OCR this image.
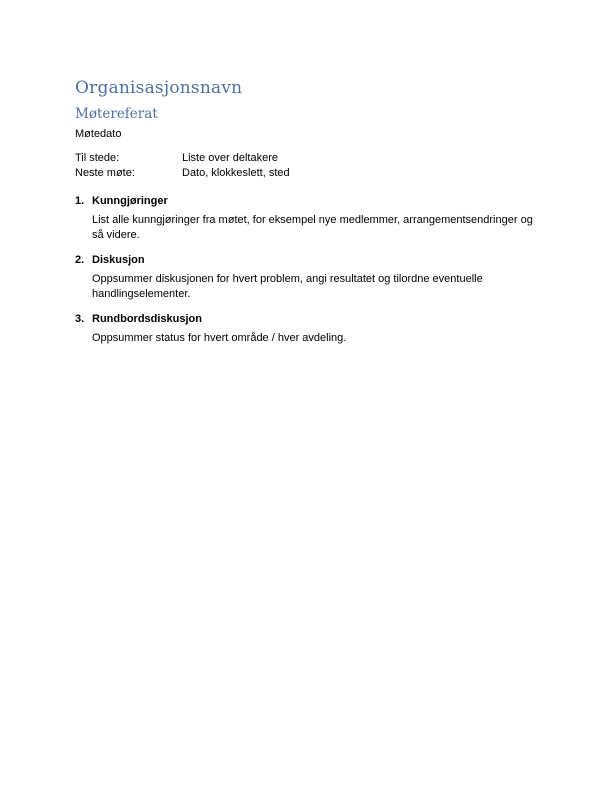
Organisasjonsnavn
Møtereferat
Møtedato
Til stede:	Liste over deltakere
Neste møte:	Dato, klokkeslett, sted
1. Kunngjøringer
List alle kunngjøringer fra møtet, for eksempel nye medlemmer, arrangementsendringer og så videre.
2. Diskusjon
Oppsummer diskusjonen for hvert problem, angi resultatet og tilordne eventuelle handlingselementer.
3. Rundbordsdiskusjon
Oppsummer status for hvert område / hver avdeling.
